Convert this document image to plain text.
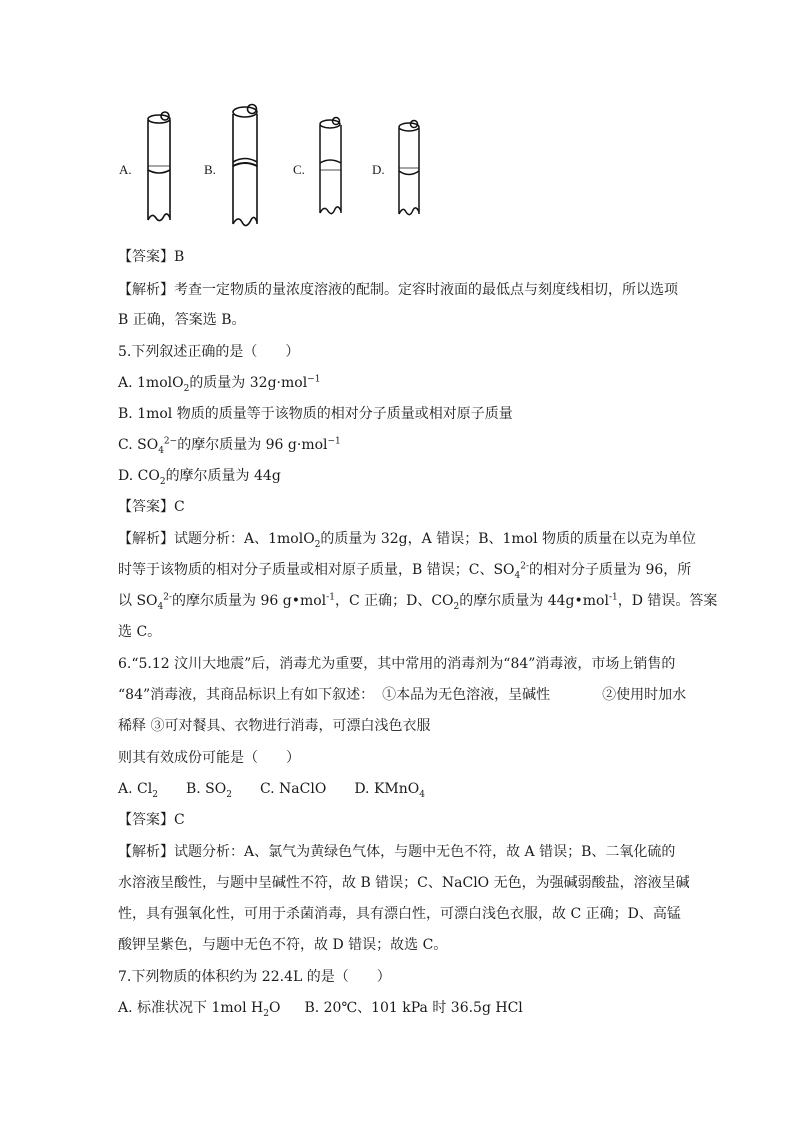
A.	B.	C.	D.
【答案】B
【解析】考查一定物质的量浓度溶液的配制。定容时液面的最低点与刻度线相切，所以选项
B 正确，答案选 B。
5.下列叙述正确的是（　　）
A. 1molO$_2$的质量为 32g·mol$^{-1}$
B. 1mol 物质的质量等于该物质的相对分子质量或相对原子质量
C. $SO_4^{2-}$的摩尔质量为 96 g·mol$^{-1}$
D. $CO_2$的摩尔质量为 44g
【答案】C
【解析】试题分析：A、1molO$_2$的质量为 32g，A 错误；B、1mol 物质的质量在以克为单位
时等于该物质的相对分子质量或相对原子质量，B 错误；C、$SO_4^{2-}$的相对分子质量为 96，所
以 $SO_4^{2-}$的摩尔质量为 96 g•mol$^{-1}$，C 正确；D、$CO_2$的摩尔质量为 44g•mol$^{-1}$，D 错误。答案
选 C。
6.“5.12 汶川大地震”后，消毒尤为重要，其中常用的消毒剂为“84”消毒液，市场上销售的
“84”消毒液，其商品标识上有如下叙述： ①本品为无色溶液，呈碱性	②使用时加水
稀释 ③可对餐具、衣物进行消毒，可漂白浅色衣服
则其有效成份可能是（　　）
A. $Cl_2$ B. $SO_2$ C. NaClO D. KMnO$_4$
【答案】C
【解析】试题分析：A、氯气为黄绿色气体，与题中无色不符，故 A 错误；B、二氧化硫的
水溶液呈酸性，与题中呈碱性不符，故 B 错误；C、NaClO 无色，为强碱弱酸盐，溶液呈碱
性，具有强氧化性，可用于杀菌消毒，具有漂白性，可漂白浅色衣服，故 C 正确；D、高锰
酸钾呈紫色，与题中无色不符，故 D 错误；故选 C。
7.下列物质的体积约为 22.4L 的是（　　）
A. 标准状况下 1mol $H_2O$ B. 20℃、101 kPa 时 36.5g HCl
